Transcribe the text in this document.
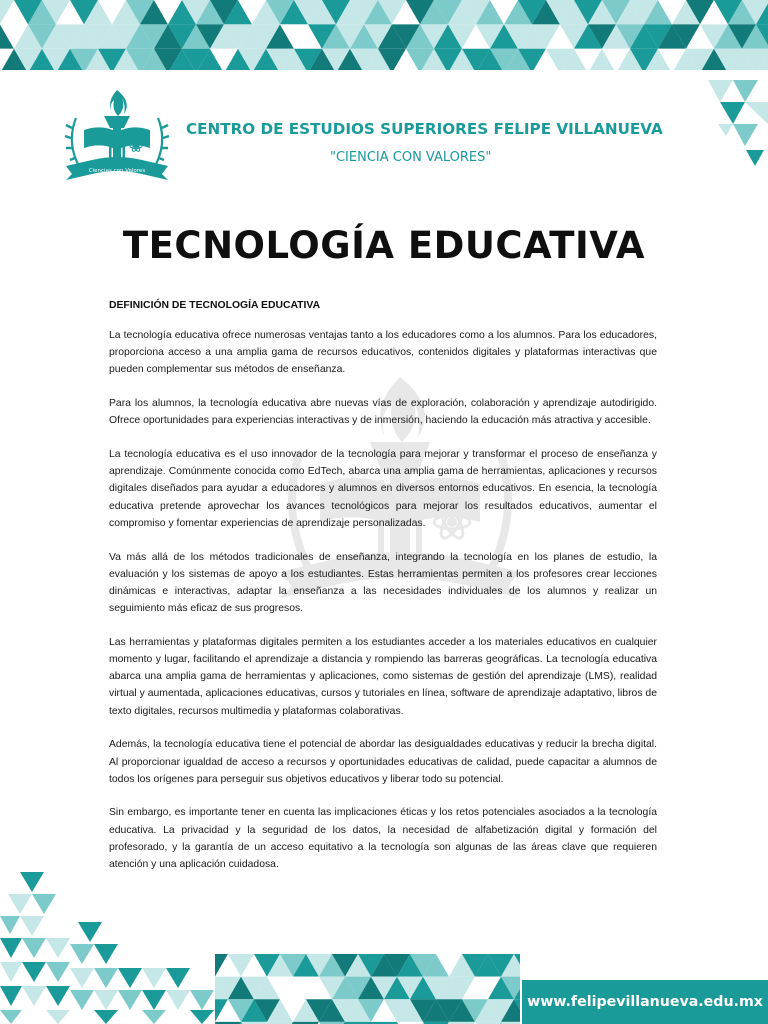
Ciencias con Valores
CENTRO DE ESTUDIOS SUPERIORES FELIPE VILLANUEVA
"CIENCIA CON VALORES"
TECNOLOGÍA EDUCATIVA

DEFINICIÓN DE TECNOLOGÍA EDUCATIVA

La tecnología educativa ofrece numerosas ventajas tanto a los educadores como a los alumnos. Para los educadores, proporciona acceso a una amplia gama de recursos educativos, contenidos digitales y plataformas interactivas que pueden complementar sus métodos de enseñanza.

Para los alumnos, la tecnología educativa abre nuevas vías de exploración, colaboración y aprendizaje autodirigido. Ofrece oportunidades para experiencias interactivas y de inmersión, haciendo la educación más atractiva y accesible.

La tecnología educativa es el uso innovador de la tecnología para mejorar y transformar el proceso de enseñanza y aprendizaje. Comúnmente conocida como EdTech, abarca una amplia gama de herramientas, aplicaciones y recursos digitales diseñados para ayudar a educadores y alumnos en diversos entornos educativos. En esencia, la tecnología educativa pretende aprovechar los avances tecnológicos para mejorar los resultados educativos, aumentar el compromiso y fomentar experiencias de aprendizaje personalizadas.

Va más allá de los métodos tradicionales de enseñanza, integrando la tecnología en los planes de estudio, la evaluación y los sistemas de apoyo a los estudiantes. Estas herramientas permiten a los profesores crear lecciones dinámicas e interactivas, adaptar la enseñanza a las necesidades individuales de los alumnos y realizar un seguimiento más eficaz de sus progresos.

Las herramientas y plataformas digitales permiten a los estudiantes acceder a los materiales educativos en cualquier momento y lugar, facilitando el aprendizaje a distancia y rompiendo las barreras geográficas. La tecnología educativa abarca una amplia gama de herramientas y aplicaciones, como sistemas de gestión del aprendizaje (LMS), realidad virtual y aumentada, aplicaciones educativas, cursos y tutoriales en línea, software de aprendizaje adaptativo, libros de texto digitales, recursos multimedia y plataformas colaborativas.

Además, la tecnología educativa tiene el potencial de abordar las desigualdades educativas y reducir la brecha digital. Al proporcionar igualdad de acceso a recursos y oportunidades educativas de calidad, puede capacitar a alumnos de todos los orígenes para perseguir sus objetivos educativos y liberar todo su potencial.

Sin embargo, es importante tener en cuenta las implicaciones éticas y los retos potenciales asociados a la tecnología educativa. La privacidad y la seguridad de los datos, la necesidad de alfabetización digital y formación del profesorado, y la garantía de un acceso equitativo a la tecnología son algunas de las áreas clave que requieren atención y una aplicación cuidadosa.

www.felipevillanueva.edu.mx
